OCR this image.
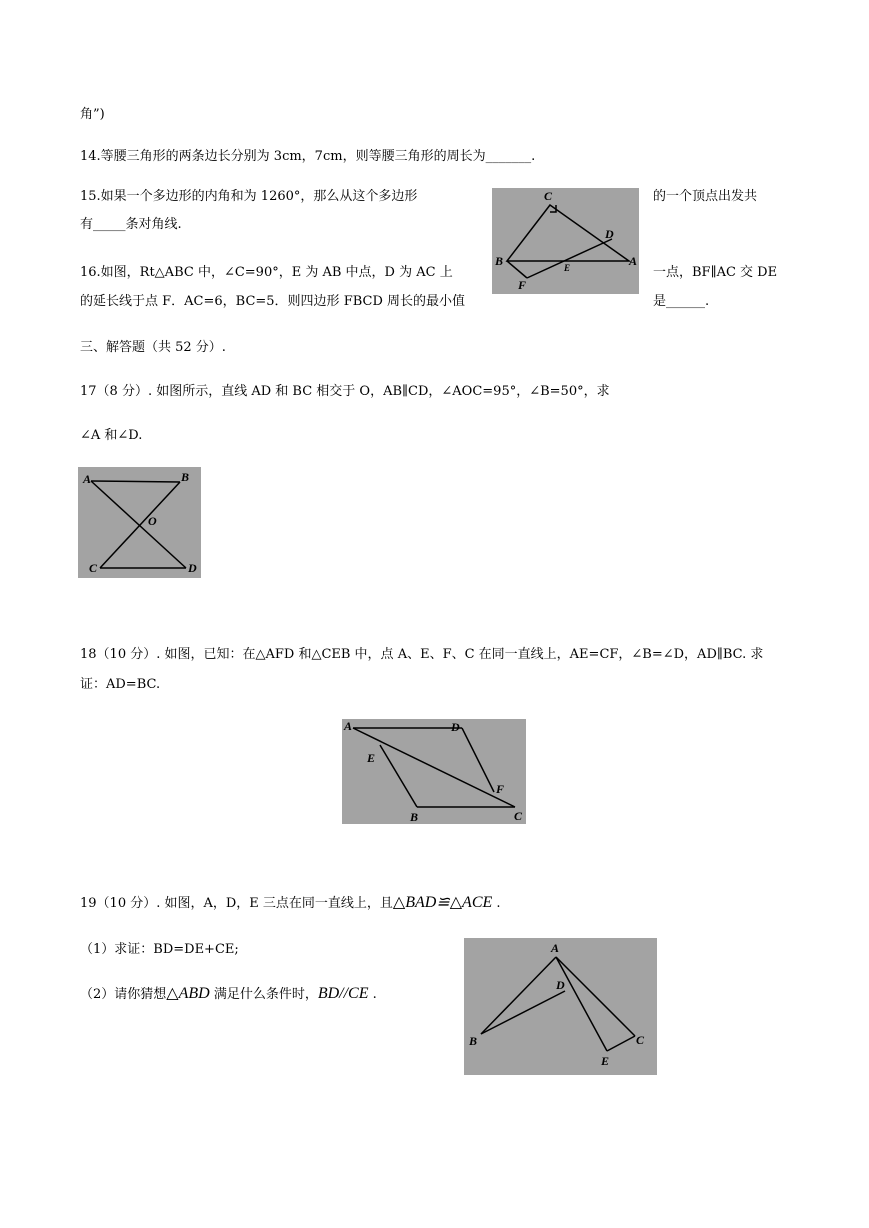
角”)
14.等腰三角形的两条边长分别为 3cm，7cm，则等腰三角形的周长为_______.
15.如果一个多边形的内角和为 1260°，那么从这个多边形	的一个顶点出发共
有_____条对角线.
16.如图，Rt△ABC 中，∠C=90°，E 为 AB 中点，D 为 AC 上	一点，BF∥AC 交 DE
的延长线于点 F．AC=6，BC=5．则四边形 FBCD 周长的最小值	是______.
C
D
B	E	A
F
三、解答题（共 52 分）.
17（8 分）. 如图所示，直线 AD 和 BC 相交于 O，AB∥CD，∠AOC=95°，∠B=50°，求
∠A 和∠D.
A	B
O
C	D
18（10 分）. 如图，已知：在△AFD 和△CEB 中，点 A、E、F、C 在同一直线上，AE=CF，∠B=∠D，AD∥BC. 求
证：AD=BC.
A	D
E
F
B	C
19（10 分）. 如图，A，D，E 三点在同一直线上，且△BAD≌△ACE .
（1）求证：BD=DE+CE;
（2）请你猜想△ABD 满足什么条件时，BD//CE .
A
D
B
E
C
